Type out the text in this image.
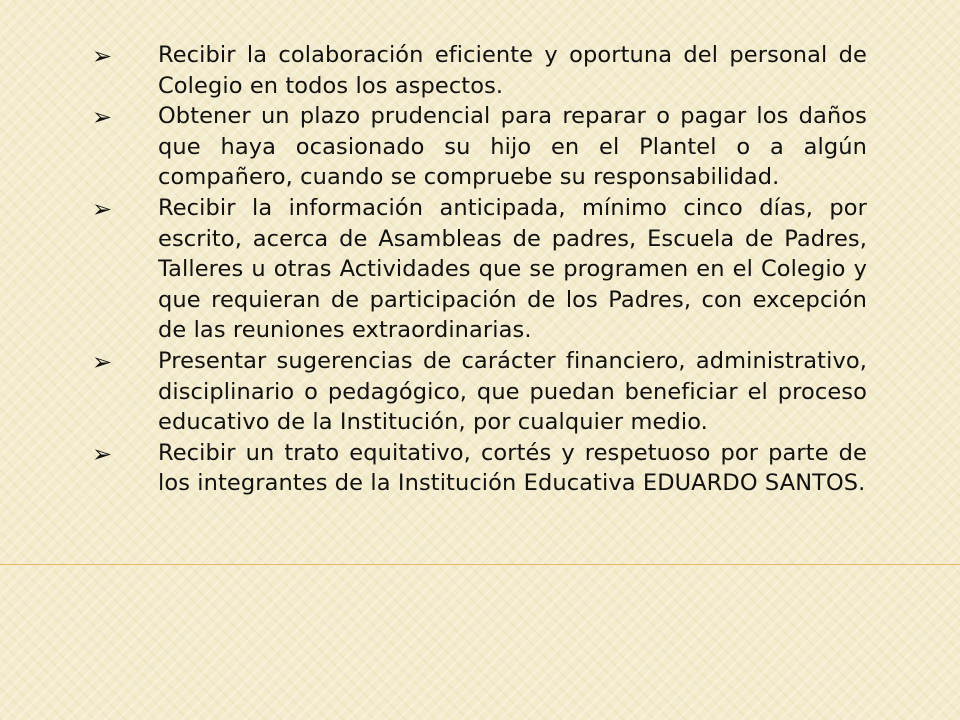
➢ Recibir la colaboración eficiente y oportuna del personal de Colegio en todos los aspectos.
➢ Obtener un plazo prudencial para reparar o pagar los daños que haya ocasionado su hijo en el Plantel o a algún compañero, cuando se compruebe su responsabilidad.
➢ Recibir la información anticipada, mínimo cinco días, por escrito, acerca de Asambleas de padres, Escuela de Padres, Talleres u otras Actividades que se programen en el Colegio y que requieran de participación de los Padres, con excepción de las reuniones extraordinarias.
➢ Presentar sugerencias de carácter financiero, administrativo, disciplinario o pedagógico, que puedan beneficiar el proceso educativo de la Institución, por cualquier medio.
➢ Recibir un trato equitativo, cortés y respetuoso por parte de los integrantes de la Institución Educativa EDUARDO SANTOS.
